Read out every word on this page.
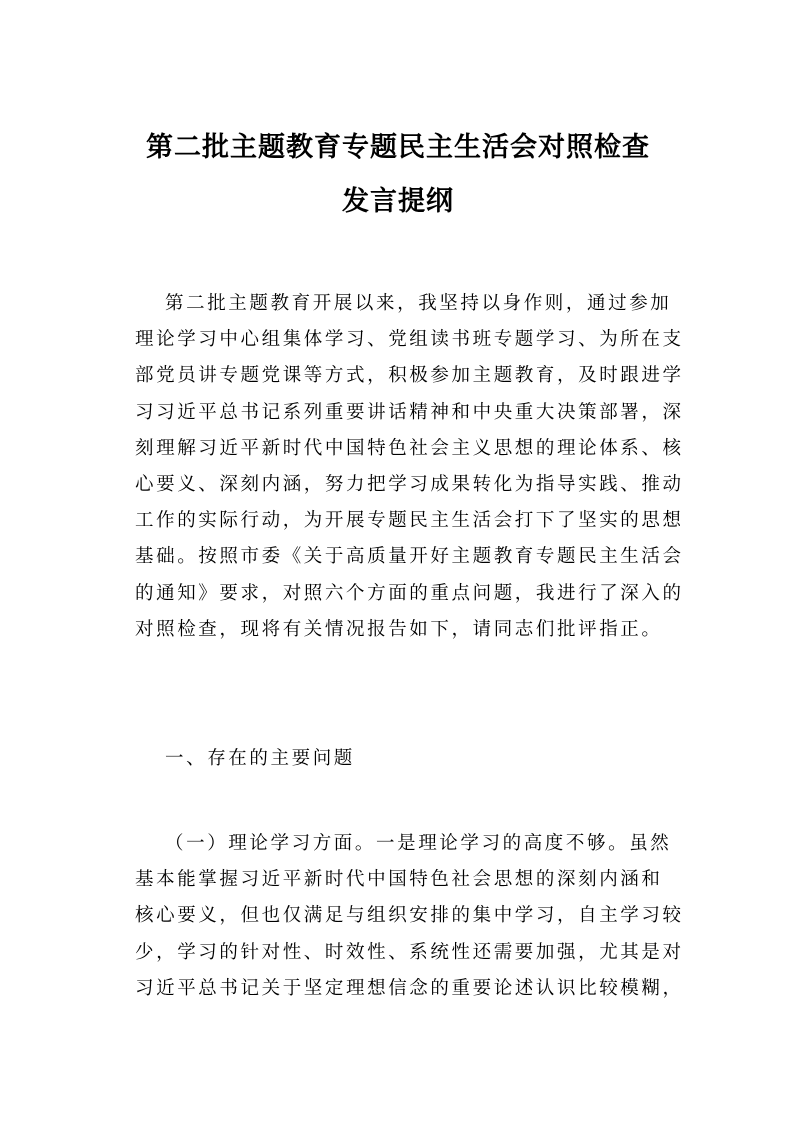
第二批主题教育专题民主生活会对照检查
发言提纲
第二批主题教育开展以来，我坚持以身作则，通过参加
理论学习中心组集体学习、党组读书班专题学习、为所在支
部党员讲专题党课等方式，积极参加主题教育，及时跟进学
习习近平总书记系列重要讲话精神和中央重大决策部署，深
刻理解习近平新时代中国特色社会主义思想的理论体系、核
心要义、深刻内涵，努力把学习成果转化为指导实践、推动
工作的实际行动，为开展专题民主生活会打下了坚实的思想
基础。按照市委《关于高质量开好主题教育专题民主生活会
的通知》要求，对照六个方面的重点问题，我进行了深入的
对照检查，现将有关情况报告如下，请同志们批评指正。
一、存在的主要问题
（一）理论学习方面。一是理论学习的高度不够。虽然
基本能掌握习近平新时代中国特色社会思想的深刻内涵和
核心要义，但也仅满足与组织安排的集中学习，自主学习较
少，学习的针对性、时效性、系统性还需要加强，尤其是对
习近平总书记关于坚定理想信念的重要论述认识比较模糊，
